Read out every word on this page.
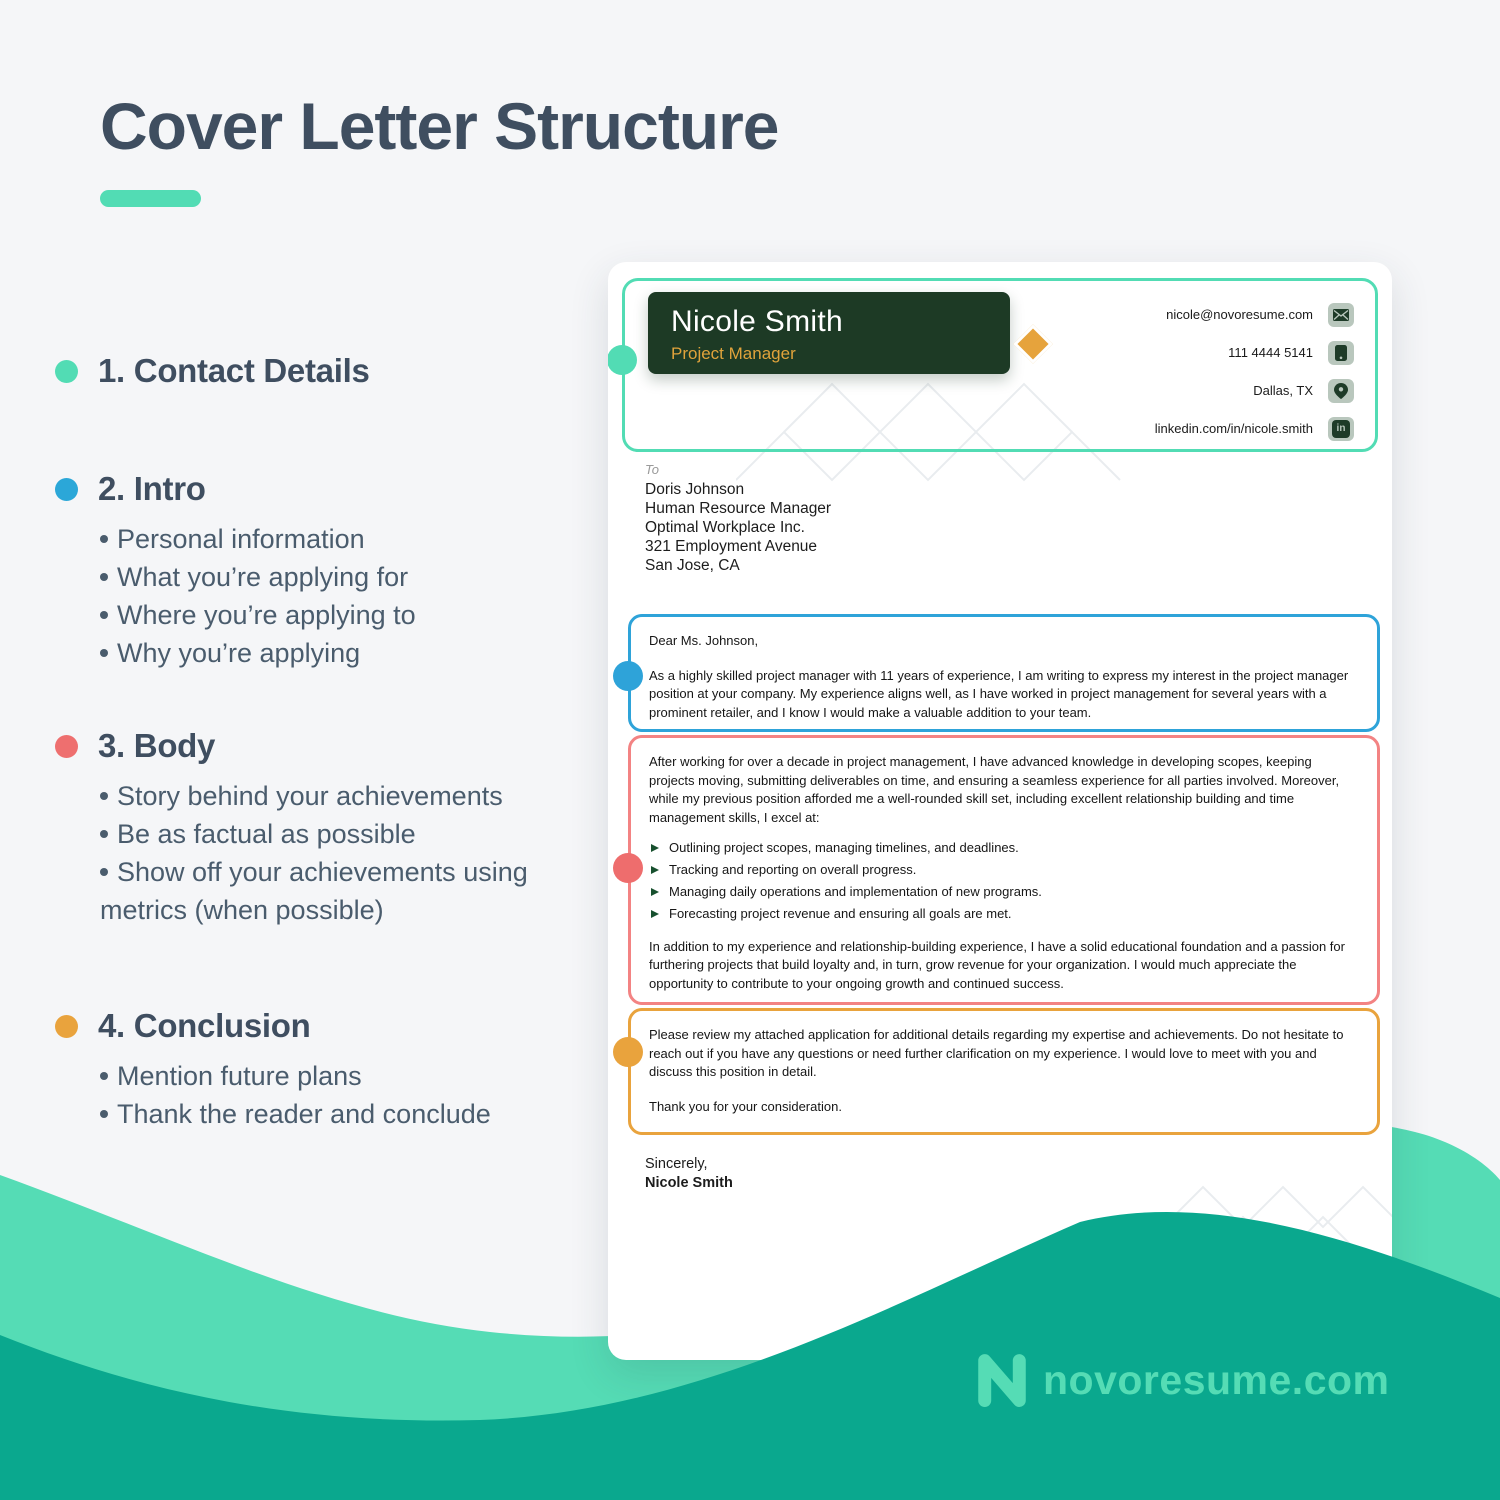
Cover Letter Structure
1. Contact Details
2. Intro
Personal information
What you’re applying for
Where you’re applying to
Why you’re applying
3. Body
Story behind your achievements
Be as factual as possible
Show off your achievements using metrics (when possible)
4. Conclusion
Mention future plans
Thank the reader and conclude
Nicole Smith
Project Manager
nicole@novoresume.com
111 4444 5141
Dallas, TX
linkedin.com/in/nicole.smith in
To
Doris Johnson
Human Resource Manager
Optimal Workplace Inc.
321 Employment Avenue
San Jose, CA

Dear Ms. Johnson,

As a highly skilled project manager with 11 years of experience, I am writing to express my interest in the project manager position at your company. My experience aligns well, as I have worked in project management for several years with a prominent retailer, and I know I would make a valuable addition to your team.

After working for over a decade in project management, I have advanced knowledge in developing scopes, keeping projects moving, submitting deliverables on time, and ensuring a seamless experience for all parties involved. Moreover, while my previous position afforded me a well-rounded skill set, including excellent relationship building and time management skills, I excel at:

Outlining project scopes, managing timelines, and deadlines.
Tracking and reporting on overall progress.
Managing daily operations and implementation of new programs.
Forecasting project revenue and ensuring all goals are met.

In addition to my experience and relationship-building experience, I have a solid educational foundation and a passion for furthering projects that build loyalty and, in turn, grow revenue for your organization. I would much appreciate the opportunity to contribute to your ongoing growth and continued success.

Please review my attached application for additional details regarding my expertise and achievements. Do not hesitate to reach out if you have any questions or need further clarification on my experience. I would love to meet with you and discuss this position in detail.

Thank you for your consideration.

Sincerely,
Nicole Smith
novoresume.com
